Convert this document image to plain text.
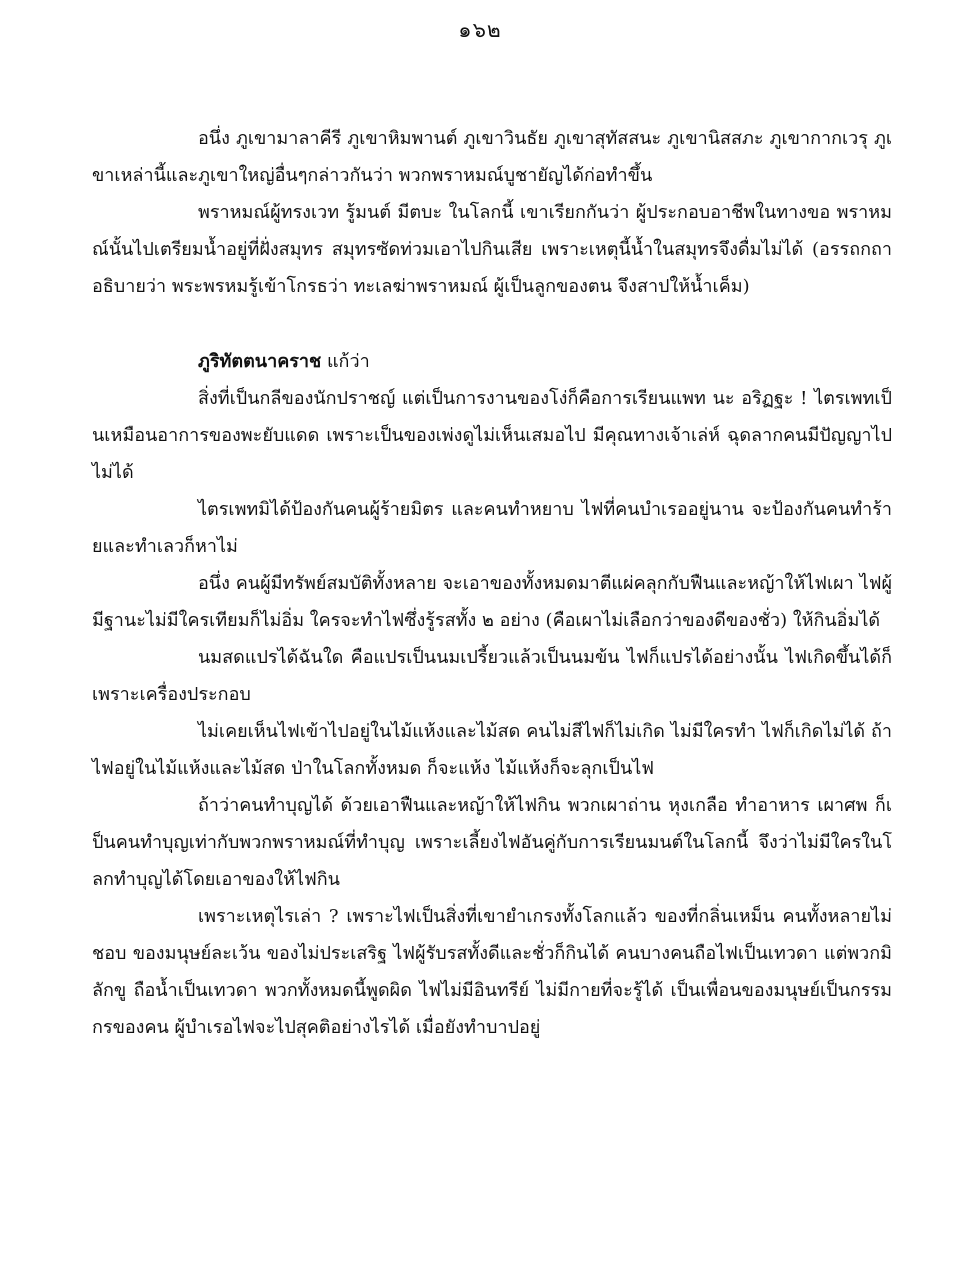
๑๖๒

อนึ่ง ภูเขามาลาคีรี ภูเขาหิมพานต์ ภูเขาวินธัย ภูเขาสุทัสสนะ ภูเขานิสสภะ ภูเขากากเวรุ ภูเขาเหล่านี้และภูเขาใหญ่อื่นๆกล่าวกันว่า พวกพราหมณ์บูชายัญได้ก่อทำขึ้น

พราหมณ์ผู้ทรงเวท รู้มนต์ มีตบะ ในโลกนี้ เขาเรียกกันว่า ผู้ประกอบอาชีพในทางขอ พราหมณ์นั้นไปเตรียมน้ำอยู่ที่ฝั่งสมุทร สมุทรซัดท่วมเอาไปกินเสีย เพราะเหตุนี้น้ำในสมุทรจึงดื่มไม่ได้ (อรรถกถาอธิบายว่า พระพรหมรู้เข้าโกรธว่า ทะเลฆ่าพราหมณ์ ผู้เป็นลูกของตน จึงสาปให้น้ำเค็ม)

ภูริทัตตนาคราช แก้ว่า

สิ่งที่เป็นกลีของนักปราชญ์ แต่เป็นการงานของโง่ก็คือการเรียนแพท นะ อริฏฐะ ! ไตรเพทเป็นเหมือนอาการของพะยับแดด เพราะเป็นของเพ่งดูไม่เห็นเสมอไป มีคุณทางเจ้าเล่ห์ ฉุดลากคนมีปัญญาไปไม่ได้

ไตรเพทมิได้ป้องกันคนผู้ร้ายมิตร และคนทำหยาบ ไฟที่คนบำเรออยู่นาน จะป้องกันคนทำร้ายและทำเลวก็หาไม่

อนึ่ง คนผู้มีทรัพย์สมบัติทั้งหลาย จะเอาของทั้งหมดมาตีแผ่คลุกกับฟืนและหญ้าให้ไฟเผา ไฟผู้มีฐานะไม่มีใครเทียมก็ไม่อิ่ม ใครจะทำไฟซึ่งรู้รสทั้ง ๒ อย่าง (คือเผาไม่เลือกว่าของดีของชั่ว) ให้กินอิ่มได้

นมสดแปรได้ฉันใด คือแปรเป็นนมเปรี้ยวแล้วเป็นนมข้น ไฟก็แปรได้อย่างนั้น ไฟเกิดขึ้นได้ก็เพราะเครื่องประกอบ

ไม่เคยเห็นไฟเข้าไปอยู่ในไม้แห้งและไม้สด คนไม่สีไฟก็ไม่เกิด ไม่มีใครทำ ไฟก็เกิดไม่ได้ ถ้าไฟอยู่ในไม้แห้งและไม้สด ป่าในโลกทั้งหมด ก็จะแห้ง ไม้แห้งก็จะลุกเป็นไฟ

ถ้าว่าคนทำบุญได้ ด้วยเอาฟืนและหญ้าให้ไฟกิน พวกเผาถ่าน หุงเกลือ ทำอาหาร เผาศพ ก็เป็นคนทำบุญเท่ากับพวกพราหมณ์ที่ทำบุญ เพราะเลี้ยงไฟอันคู่กับการเรียนมนต์ในโลกนี้ จึงว่าไม่มีใครในโลกทำบุญได้โดยเอาของให้ไฟกิน

เพราะเหตุไรเล่า ? เพราะไฟเป็นสิ่งที่เขายำเกรงทั้งโลกแล้ว ของที่กลิ่นเหม็น คนทั้งหลายไม่ชอบ ของมนุษย์ละเว้น ของไม่ประเสริฐ ไฟผู้รับรสทั้งดีและชั่วก็กินได้ คนบางคนถือไฟเป็นเทวดา แต่พวกมิลักขู ถือน้ำเป็นเทวดา พวกทั้งหมดนี้พูดผิด ไฟไม่มีอินทรีย์ ไม่มีกายที่จะรู้ได้ เป็นเพื่อนของมนุษย์เป็นกรรมกรของคน ผู้บำเรอไฟจะไปสุคติอย่างไรได้ เมื่อยังทำบาปอยู่
